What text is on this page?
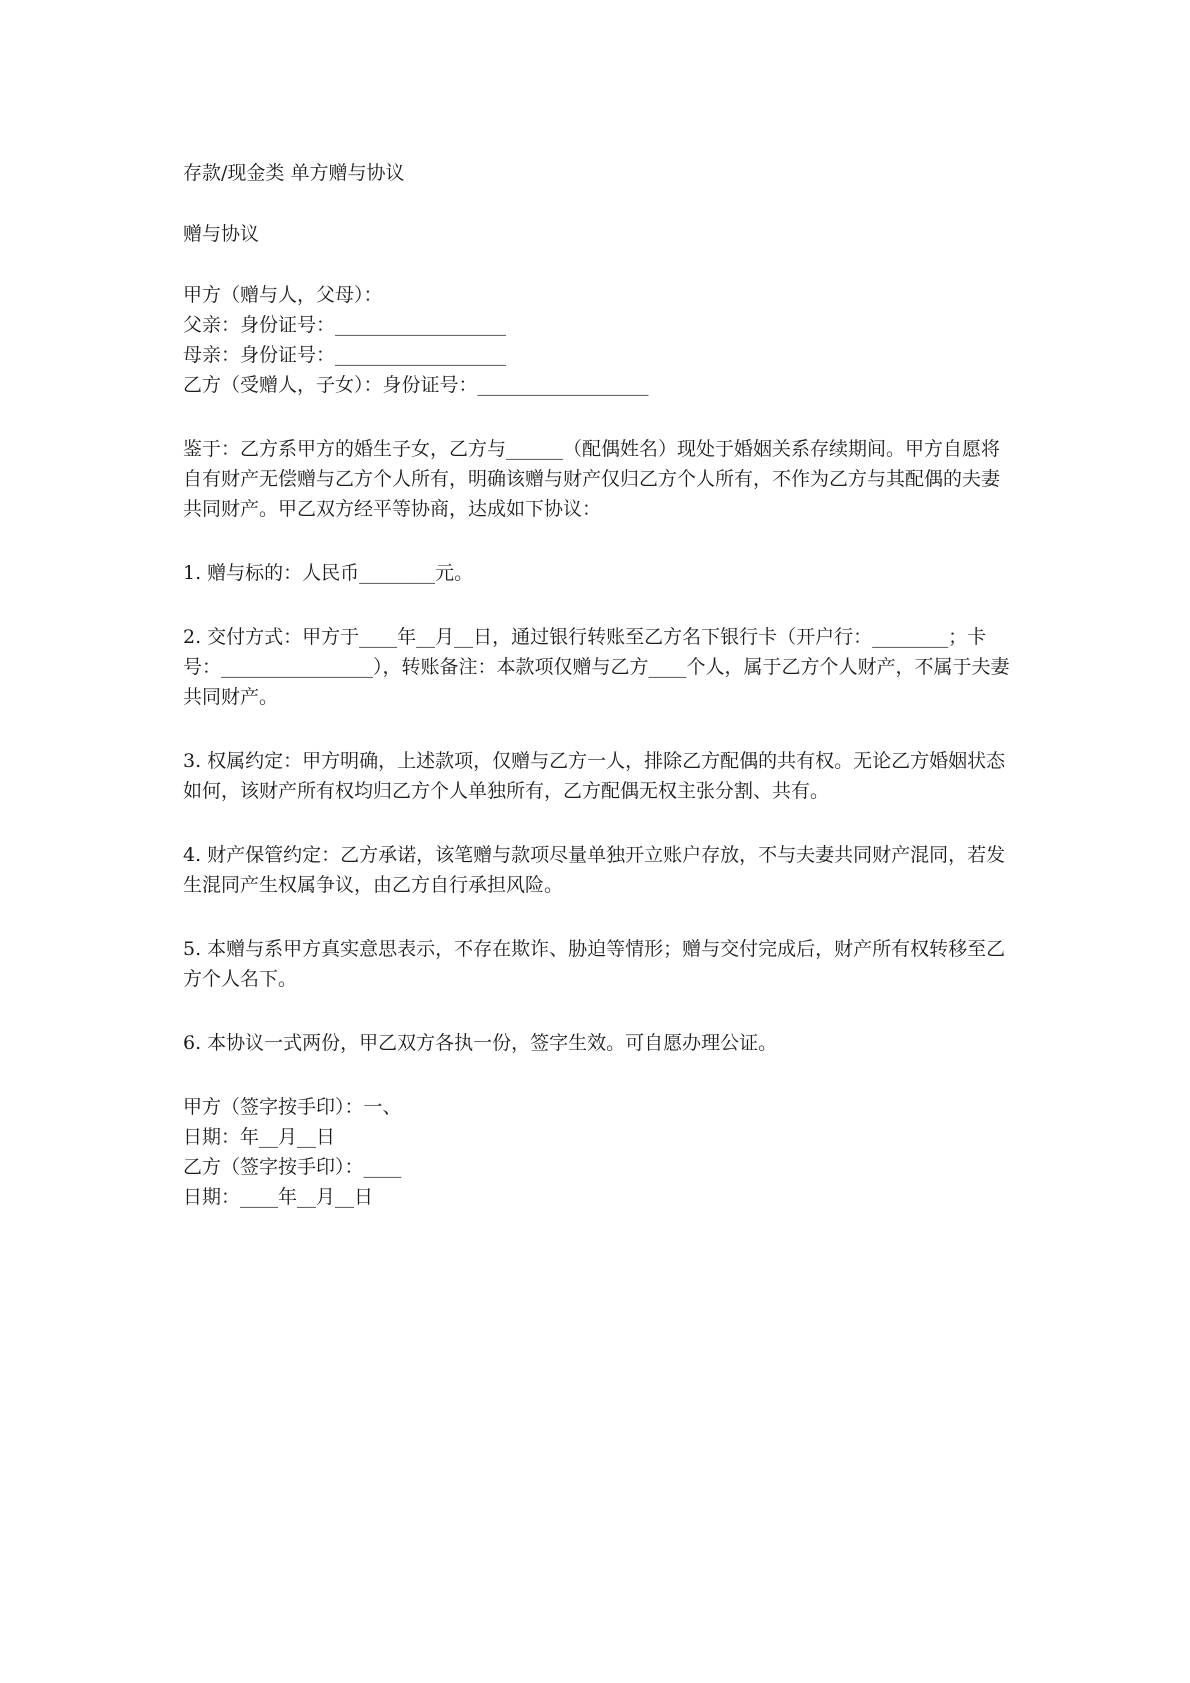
存款/现金类 单方赠与协议

赠与协议

甲方（赠与人，父母）：

父亲：身份证号：__________________

母亲：身份证号：__________________

乙方（受赠人，子女）：身份证号：__________________

鉴于：乙方系甲方的婚生子女，乙方与______（配偶姓名）现处于婚姻关系存续期间。甲方自愿将自有财产无偿赠与乙方个人所有，明确该赠与财产仅归乙方个人所有，不作为乙方与其配偶的夫妻共同财产。甲乙双方经平等协商，达成如下协议：

1. 赠与标的：人民币________元。

2. 交付方式：甲方于____年__月__日，通过银行转账至乙方名下银行卡（开户行：________；卡号：________________），转账备注：本款项仅赠与乙方____个人，属于乙方个人财产，不属于夫妻共同财产。

3. 权属约定：甲方明确，上述款项，仅赠与乙方一人，排除乙方配偶的共有权。无论乙方婚姻状态如何，该财产所有权均归乙方个人单独所有，乙方配偶无权主张分割、共有。

4. 财产保管约定：乙方承诺，该笔赠与款项尽量单独开立账户存放，不与夫妻共同财产混同，若发生混同产生权属争议，由乙方自行承担风险。

5. 本赠与系甲方真实意思表示，不存在欺诈、胁迫等情形；赠与交付完成后，财产所有权转移至乙方个人名下。

6. 本协议一式两份，甲乙双方各执一份，签字生效。可自愿办理公证。

甲方（签字按手印）：一、

日期：年__月__日

乙方（签字按手印）：____

日期：____年__月__日
